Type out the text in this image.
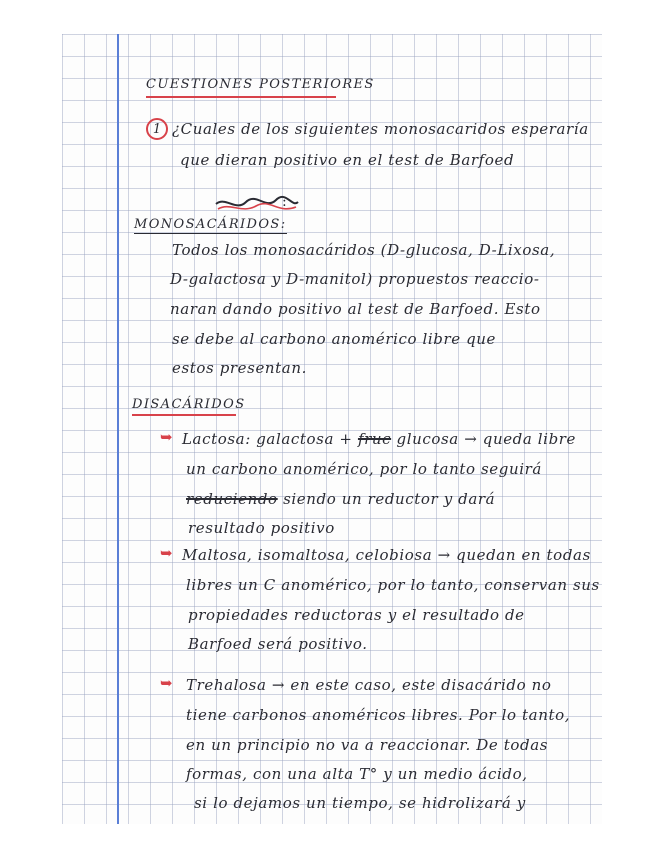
CUESTIONES POSTERIORES
1 ¿Cuales de los siguientes monosacaridos esperaría
que dieran positivo en el test de Barfoed
:
MONOSACÁRIDOS:
Todos los monosacáridos (D-glucosa, D-Lixosa,
D-galactosa y D-manitol) propuestos reaccio-
naran dando positivo al test de Barfoed. Esto
se debe al carbono anomérico libre que
estos presentan.
DISACÁRIDOS
➥ Lactosa: galactosa + fruc glucosa → queda libre
un carbono anomérico, por lo tanto seguirá
reduciendo siendo un reductor y dará
resultado positivo
➥ Maltosa, isomaltosa, celobiosa → quedan en todas
libres un C anomérico, por lo tanto, conservan sus
propiedades reductoras y el resultado de
Barfoed será positivo.
➥ Trehalosa → en este caso, este disacárido no
tiene carbonos anoméricos libres. Por lo tanto,
en un principio no va a reaccionar. De todas
formas, con una alta T° y un medio ácido,
si lo dejamos un tiempo, se hidrolizará y
